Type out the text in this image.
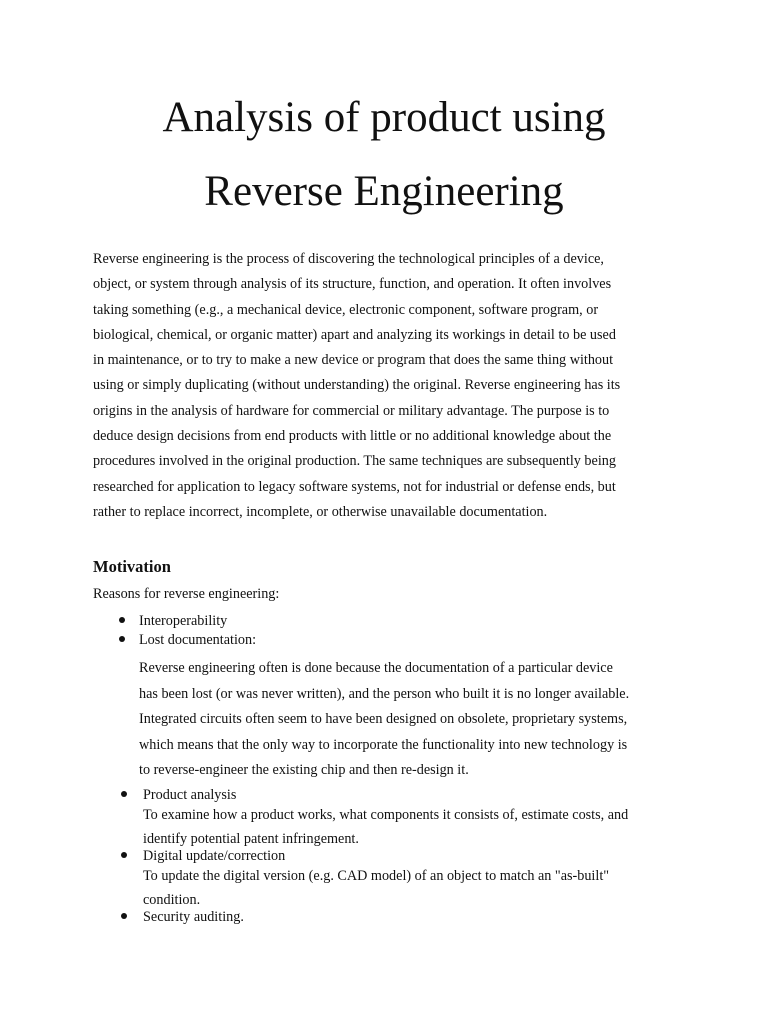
Analysis of product using
Reverse Engineering

Reverse engineering is the process of discovering the technological principles of a device,
object, or system through analysis of its structure, function, and operation. It often involves
taking something (e.g., a mechanical device, electronic component, software program, or
biological, chemical, or organic matter) apart and analyzing its workings in detail to be used
in maintenance, or to try to make a new device or program that does the same thing without
using or simply duplicating (without understanding) the original. Reverse engineering has its
origins in the analysis of hardware for commercial or military advantage. The purpose is to
deduce design decisions from end products with little or no additional knowledge about the
procedures involved in the original production. The same techniques are subsequently being
researched for application to legacy software systems, not for industrial or defense ends, but
rather to replace incorrect, incomplete, or otherwise unavailable documentation.

Motivation

Reasons for reverse engineering:

Interoperability
Lost documentation:
Reverse engineering often is done because the documentation of a particular device
has been lost (or was never written), and the person who built it is no longer available.
Integrated circuits often seem to have been designed on obsolete, proprietary systems,
which means that the only way to incorporate the functionality into new technology is
to reverse-engineer the existing chip and then re-design it.
Product analysis
To examine how a product works, what components it consists of, estimate costs, and
identify potential patent infringement.
Digital update/correction
To update the digital version (e.g. CAD model) of an object to match an "as-built"
condition.
Security auditing.
